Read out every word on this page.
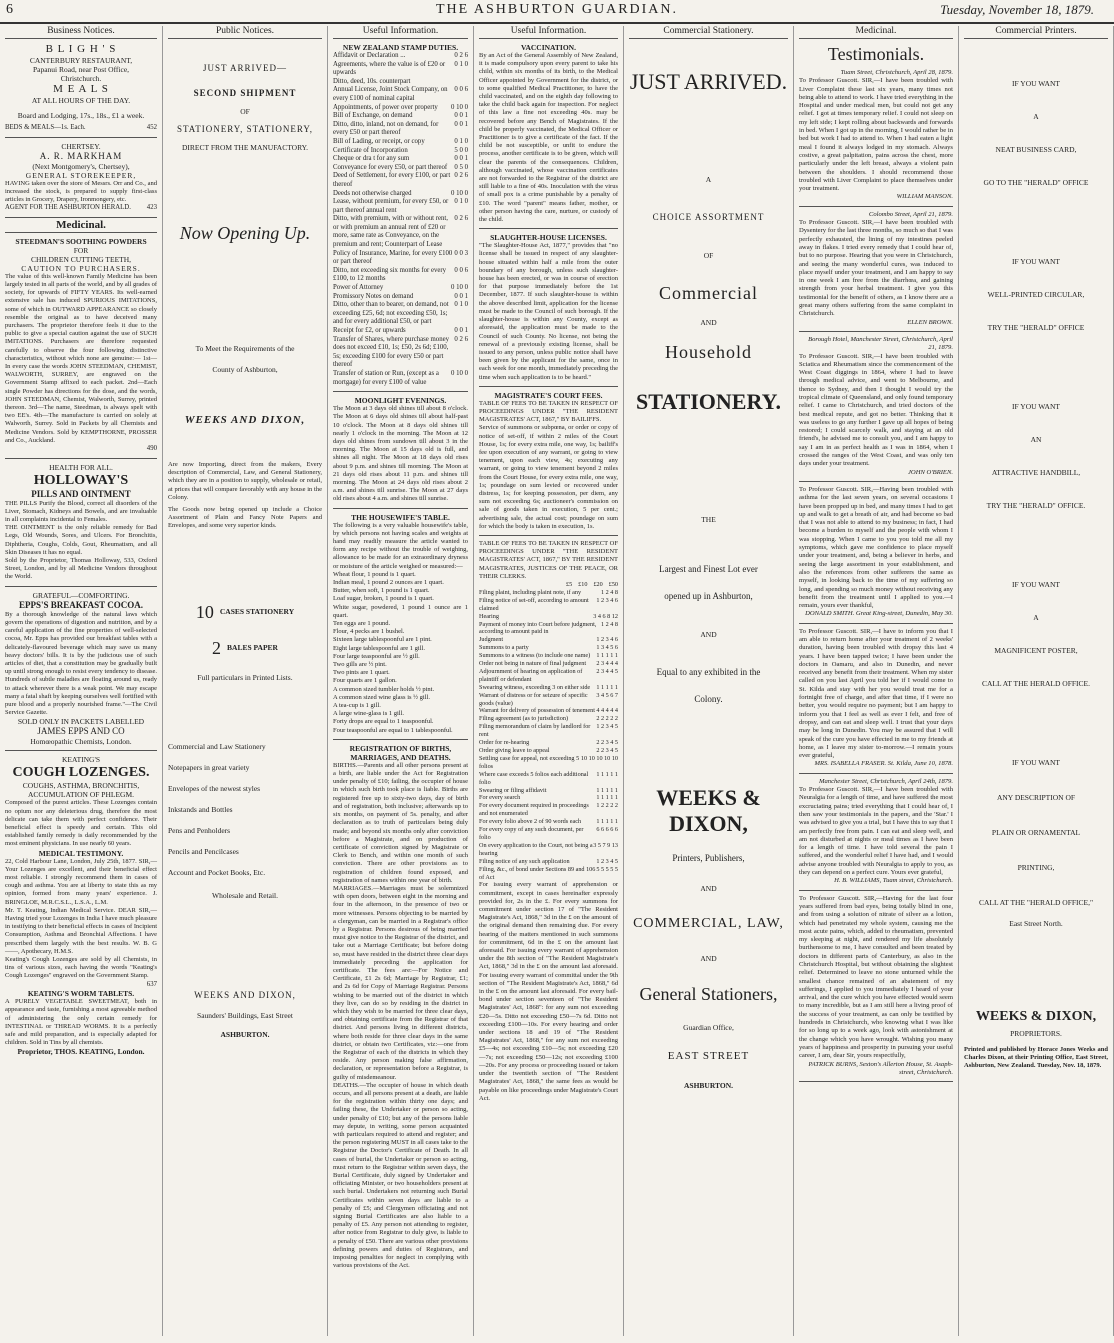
6	THE ASHBURTON GUARDIAN.	Tuesday, November 18, 1879.
Business Notices.
B L I G H ' S
CANTERBURY RESTAURANT,
Papanui Road, near Post Office,
Christchurch.
M E A L S
AT ALL HOURS OF THE DAY.
Board and Lodging, 17s., 18s., £1 a week.
BEDS & MEALS—1s. Each.	452
CHERTSEY.
A. R. MARKHAM
(Next Montgomery's, Chertsey),
GENERAL STOREKEEPER,
HAVING taken over the store of Messrs. Orr and Co., and increased the stock, is prepared to supply first-class articles in Grocery, Drapery, Ironmongery, etc.
AGENT FOR THE ASHBURTON HERALD. 423
Medicinal.
STEEDMAN'S SOOTHING POWDERS
FOR
CHILDREN CUTTING TEETH,
CAUTION TO PURCHASERS.
The value of this well-known Family Medicine has been largely tested in all parts of the world, and by all grades of society, for upwards of FIFTY YEARS. Its well-earned extensive sale has induced SPURIOUS IMITATIONS, some of which in OUTWARD APPEARANCE so closely resemble the original as to have deceived many purchasers. The proprietor therefore feels it due to the public to give a special caution against the use of SUCH IMITATIONS. Purchasers are therefore requested carefully to observe the four following distinctive characteristics, without which none are genuine:— 1st—In every case the words JOHN STEEDMAN, CHEMIST, WALWORTH, SURREY, are engraved on the Government Stamp affixed to each packet. 2nd—Each single Powder has directions for the dose, and the words, JOHN STEEDMAN, Chemist, Walworth, Surrey, printed thereon. 3rd—The name, Steedman, is always spelt with two EE's. 4th—The manufacture is carried on solely at Walworth, Surrey. Sold in Packets by all Chemists and Medicine Vendors. Sold by KEMPTHORNE, PROSSER and Co., Auckland.
490
HEALTH FOR ALL.
HOLLOWAY'S
PILLS AND OINTMENT
THE PILLS Purify the Blood, correct all disorders of the Liver, Stomach, Kidneys and Bowels, and are invaluable in all complaints incidental to Females.
THE OINTMENT is the only reliable remedy for Bad Legs, Old Wounds, Sores, and Ulcers. For Bronchitis, Diphtheria, Coughs, Colds, Gout, Rheumatism, and all Skin Diseases it has no equal.
Sold by the Proprietor, Thomas Holloway, 533, Oxford Street, London, and by all Medicine Vendors throughout the World.
GRATEFUL—COMFORTING.
EPPS'S BREAKFAST COCOA.
By a thorough knowledge of the natural laws which govern the operations of digestion and nutrition, and by a careful application of the fine properties of well-selected cocoa, Mr. Epps has provided our breakfast tables with a delicately-flavoured beverage which may save us many heavy doctors' bills. It is by the judicious use of such articles of diet, that a constitution may be gradually built up until strong enough to resist every tendency to disease. Hundreds of subtle maladies are floating around us, ready to attack wherever there is a weak point. We may escape many a fatal shaft by keeping ourselves well fortified with pure blood and a properly nourished frame."—The Civil Service Gazette.
SOLD ONLY IN PACKETS LABELLED
JAMES EPPS AND CO
Homœopathic Chemists, London.
KEATING'S
COUGH LOZENGES.
COUGHS, ASTHMA, BRONCHITIS,
ACCUMULATION OF PHLEGM.
Composed of the purest articles. These Lozenges contain no opium nor any deleterious drug, therefore the most delicate can take them with perfect confidence. Their beneficial effect is speedy and certain. This old established family remedy is daily recommended by the most eminent physicians. In use nearly 60 years.
MEDICAL TESTIMONY.
22, Cold Harbour Lane, London, July 25th, 1877. SIR,—Your Lozenges are excellent, and their beneficial effect most reliable. I strongly recommend them in cases of cough and asthma. You are at liberty to state this as my opinion, formed from many years' experience. J. BRINGLOE, M.R.C.S.L., L.S.A., L.M.
Mr. T. Keating, Indian Medical Service. DEAR SIR,—Having tried your Lozenges in India I have much pleasure in testifying to their beneficial effects in cases of Incipient Consumption, Asthma and Bronchial Affections. I have prescribed them largely with the best results. W. B. G——, Apothecary, H.M.S.
Keating's Cough Lozenges are sold by all Chemists, in tins of various sizes, each having the words "Keating's Cough Lozenges" engraved on the Government Stamp.
637
KEATING'S WORM TABLETS.
A PURELY VEGETABLE SWEETMEAT, both in appearance and taste, furnishing a most agreeable method of administering the only certain remedy for INTESTINAL or THREAD WORMS. It is a perfectly safe and mild preparation, and is especially adapted for children. Sold in Tins by all chemists.
Proprietor, THOS. KEATING, London.
Public Notices.
JUST ARRIVED—
SECOND SHIPMENT
OF
STATIONERY, STATIONERY,
DIRECT FROM THE MANUFACTORY.
Now Opening Up.
To Meet the Requirements of the
County of Ashburton,
WEEKS AND DIXON,
Are now Importing, direct from the makers, Every description of Commercial, Law, and General Stationery, which they are in a position to supply, wholesale or retail, at prices that will compare favorably with any house in the Colony.
The Goods now being opened up include a Choice Assortment of Plain and Fancy Note Papers and Envelopes, and some very superior kinds.
10 CASES STATIONERY
2 BALES PAPER
Full particulars in Printed Lists.
Commercial and Law Stationery
Notepapers in great variety
Envelopes of the newest styles
Inkstands and Bottles
Pens and Penholders
Pencils and Pencilcases
Account and Pocket Books, Etc.
Wholesale and Retail.
WEEKS AND DIXON,
Saunders' Buildings, East Street
ASHBURTON.
Useful Information.
NEW ZEALAND STAMP DUTIES.
Affidavit or Declaration ...	0 2 6
Agreements, where the value is of £20 or upwards
0 1 0
Ditto, deed, 10s. counterpart
Annual License, Joint Stock Company, on every £100 of nominal capital
0 0 6
Appointments, of power over property 0 10 0
Bill of Exchange, on demand	0 0 1
Ditto, ditto, inland, not on demand, for every £50 or part thereof
0 0 1
Bill of Lading, or receipt, or copy	0 1 0
Certificate of Incorporation	5 0 0
Cheque or dra t for any sum	0 0 1
Conveyance for every £50, or part thereof 0 5 0
Deed of Settlement, for every £100, or part thereof
0 2 6
Deeds not otherwise charged	0 10 0
Lease, without premium, for every £50, or part thereof annual rent
0 1 0
Ditto, with premium, with or without rent, or with premium an annual rent of £20 or more, same rate as Conveyance, on the premium and rent; Counterpart of Lease
0 2 6
Policy of Insurance, Marine, for every £100 or part thereof
0 0 3
Ditto, not exceeding six months for every £100, to 12 months
0 0 6
Power of Attorney	0 10 0
Promissory Notes on demand	0 0 1
Ditto, other than to bearer, on demand, not exceeding £25, 6d; not exceeding £50, 1s; and for every additional £50, or part
0 1 0
Receipt for £2, or upwards	0 0 1
Transfer of Shares, where purchase money does not exceed £10, 1s; £50, 2s 6d; £100, 5s; exceeding £100 for every £50 or part thereof
0 2 6
Transfer of station or Run, (except as a mortgage) for every £100 of value
0 10 0
MOONLIGHT EVENINGS.
The Moon at 3 days old shines till about 8 o'clock. The Moon at 6 days old shines till about half-past 10 o'clock. The Moon at 8 days old shines till nearly 1 o'clock in the morning. The Moon at 12 days old shines from sundown till about 3 in the morning. The Moon at 15 days old is full, and shines all night. The Moon at 18 days old rises about 9 p.m. and shines till morning. The Moon at 21 days old rises about 11 p.m. and shines till morning. The Moon at 24 days old rises about 2 a.m. and shines till sunrise. The Moon at 27 days old rises about 4 a.m. and shines till sunrise.
THE HOUSEWIFE'S TABLE.
The following is a very valuable housewife's table, by which persons not having scales and weights at hand may readily measure the article wanted to form any recipe without the trouble of weighing, allowance to be made for an extraordinary dryness or moisture of the article weighed or measured:—
Wheat flour, 1 pound is 1 quart.
Indian meal, 1 pound 2 ounces are 1 quart.
Butter, when soft, 1 pound is 1 quart.
Loaf sugar, broken, 1 pound is 1 quart.
White sugar, powdered, 1 pound 1 ounce are 1 quart.
Ten eggs are 1 pound.
Flour, 4 pecks are 1 bushel.
Sixteen large tablespoonful are 1 pint.
Eight large tablespoonful are 1 gill.
Four large teaspoonful are ½ gill.
Two gills are ½ pint.
Two pints are 1 quart.
Four quarts are 1 gallon.
A common sized tumbler holds ½ pint.
A common sized wine glass is ½ gill.
A tea-cup is 1 gill.
A large wine-glass is 1 gill.
Forty drops are equal to 1 teaspoonful.
Four teaspoonful are equal to 1 tablespoonful.
REGISTRATION OF BIRTHS, MARRIAGES, AND DEATHS.
BIRTHS.—Parents and all other persons present at a birth, are liable under the Act for Registration under penalty of £10; failing, the occupier of house in which such birth took place is liable. Births are registered free up to sixty-two days, day of birth and of registration, both inclusive; afterwards up to six months, on payment of 5s. penalty, and after declaration as to truth of particulars being duly made; and beyond six months only after conviction before a Magistrate, and on production of certificate of conviction signed by Magistrate or Clerk to Bench, and within one month of such conviction. There are other provisions as to registration of children found exposed, and registration of names within one year of birth.
MARRIAGES.—Marriages must be solemnized with open doors, between eight in the morning and four in the afternoon, in the presence of two or more witnesses. Persons objecting to be married by a clergyman, can be married in a Registrar's office by a Registrar. Persons desirous of being married must give notice to the Registrar of the district, and take out a Marriage Certificate; but before doing so, must have resided in the district three clear days immediately preceding the application for certificate. The fees are:—For Notice and Certificate, £1 2s 6d; Marriage by Registrar, £1; and 2s 6d for Copy of Marriage Registrar. Persons wishing to be married out of the district in which they live, can do so by residing in the district in which they wish to be married for three clear days, and obtaining certificate from the Registrar of that district. And persons living in different districts, where both reside for three clear days in the same district, or obtain two Certificates, viz:—one from the Registrar of each of the districts in which they reside. Any person making false affirmation, declaration, or representation before a Registrar, is guilty of misdemeanour.
DEATHS.—The occupier of house in which death occurs, and all persons present at a death, are liable for the registration within thirty one days; and failing these, the Undertaker or person so acting, under penalty of £10; but any of the persons liable may depute, in writing, some person acquainted with particulars required to attend and register; and the person registering MUST in all cases take to the Registrar the Doctor's Certificate of Death. In all cases of burial, the Undertaker or person so acting, must return to the Registrar within seven days, the Burial Certificate, duly signed by Undertaker and officiating Minister, or two householders present at such burial. Undertakers not returning such Burial Certificates within seven days are liable to a penalty of £5; and Clergymen officiating and not signing Burial Certificates are also liable to a penalty of £5. Any person not attending to register, after notice from Registrar to duly give, is liable to a penalty of £50. There are various other provisions defining powers and duties of Registrars, and imposing penalties for neglect in complying with various provisions of the Act.
Useful Information.
VACCINATION.
By an Act of the General Assembly of New Zealand, it is made compulsory upon every parent to take his child, within six months of its birth, to the Medical Officer appointed by Government for the district, or to some qualified Medical Practitioner, to have the child vaccinated, and on the eighth day following to take the child back again for inspection. For neglect of this law a fine not exceeding 40s. may be recovered before any Bench of Magistrates. If the child be properly vaccinated, the Medical Officer or Practitioner is to give a certificate of the fact. If the child be not susceptible, or unfit to endure the process, another certificate is to be given, which will clear the parents of the consequences. Children, although vaccinated, whose vaccination certificates are not forwarded to the Registrar of the district are still liable to a fine of 40s. Inoculation with the virus of small pox is a crime punishable by a penalty of £10. The word "parent" means father, mother, or other person having the care, nurture, or custody of the child.
SLAUGHTER-HOUSE LICENSES.
"The Slaughter-House Act, 1877," provides that "no license shall be issued in respect of any slaughter-house situated within half a mile from the outer boundary of any borough, unless such slaughter-house has been erected, or was in course of erection for that purpose immediately before the 1st December, 1877. If such slaughter-house is within the above described limit, application for the license must be made to the Council of such borough. If the slaughter-house is within any County, except as aforesaid, the application must be made to the Council of such County. No license, not being the renewal of a previously existing license, shall be issued to any person, unless public notice shall have been given by the applicant for the same, once in each week for one month, immediately preceding the time when such application is to be heard."
MAGISTRATE'S COURT FEES.
TABLE OF FEES TO BE TAKEN IN RESPECT OF PROCEEDINGS UNDER "THE RESIDENT MAGISTRATES' ACT, 1867," BY BAILIFFS.
Service of summons or subpœna, or order or copy of notice of set-off, if within 2 miles of the Court House, 1s; for every extra mile, one way, 1s; bailiff's fee upon execution of any warrant, or going to view tenement, upon each view, 4s; executing any warrant, or going to view tenement beyond 2 miles from the Court House, for every extra mile, one way, 1s; poundage on sum levied or recovered under distress, 1s; for keeping possession, per diem, any sum not exceeding 6s; auctioneer's commission on sale of goods taken in execution, 5 per cent.; advertising sale, the actual cost; poundage on sum for which the body is taken in execution, 1s.
TABLE OF FEES TO BE TAKEN IN RESPECT OF PROCEEDINGS UNDER "THE RESIDENT MAGISTRATES' ACT, 1867," BY THE RESIDENT MAGISTRATES, JUSTICES OF THE PEACE, OR THEIR CLERKS.
£5 £10 £20 £50
Filing plaint, including plaint note, if any	1 2 4 8
Filing notice of set-off, according to amount claimed
1 2 3 4 6
Hearing	3 4 6 8 12
Payment of money into Court before judgment, according to amount paid in
1 2 4 8
Judgment	1 2 3 4 6
Summons to a party	1 3 4 5 6
Summons to a witness (to include one name) 1 1 1 1 1
Order not being in nature of final judgment 2 3 4 4 4
Adjournment of hearing on application of plaintiff or defendant
2 3 4 4 5
Swearing witness, exceeding 3 on either side 1 1 1 1 1
Warrant of distress or for seizure of specific goods (value)
3 4 5 6 7
Warrant for delivery of possession of tenement 4 4 4 4 4
Filing agreement (as to jurisdiction)	2 2 2 2 2
Filing memorandum of claim by landlord for rent
1 2 3 4 5
Order for re-hearing	2 2 3 4 5
Order giving leave to appeal	2 2 3 4 5
Settling case for appeal, not exceeding 5 folios
10 10 10 10 10
Where case exceeds 5 folios each additional folio
1 1 1 1 1
Swearing or filing affidavit	1 1 1 1 1
For every search	1 1 1 1 1
For every document required in proceedings and not enumerated
1 2 2 2 2
For every folio above 2 of 90 words each 1 1 1 1 1
For every copy of any such document, per folio
6 6 6 6 6
On every application to the Court, not being a hearing
3 5 7 9 13
Filing notice of any such application	1 2 3 4 5
Filing, &c., of bond under Sections 89 and 106 of Act
5 5 5 5 5
For issuing every warrant of apprehension or commitment, except in cases hereinafter expressly provided for, 2s in the £. For every summons for commitment under section 17 of "The Resident Magistrate's Act, 1868," 3d in the £ on the amount of the original demand then remaining due. For every hearing of the matters mentioned in such summons for commitment, 6d in the £ on the amount last aforesaid. For issuing every warrant of apprehension under the 8th section of "The Resident Magistrate's Act, 1868," 3d in the £ on the amount last aforesaid. For issuing every warrant of committal under the 9th section of "The Resident Magistrate's Act, 1868," 6d in the £ on the amount last aforesaid. For every bail-bond under section seventeen of "The Resident Magistrates' Act, 1868": for any sum not exceeding £20—5s. Ditto not exceeding £50—7s 6d. Ditto not exceeding £100—10s. For every hearing and order under sections 18 and 19 of "The Resident Magistrates' Act, 1868," for any sum not exceeding £5—4s; not exceeding £10—5s; not exceeding £20—7s; not exceeding £50—12s; not exceeding £100—20s. For any process or proceeding issued or taken under the twentieth section of "The Resident Magistrates' Act, 1868," the same fees as would be payable on like proceedings under Magistrate's Court Act.
Commercial Stationery.
JUST ARRIVED.
A
CHOICE ASSORTMENT
OF
Commercial
AND
Household
STATIONERY.
THE
Largest and Finest Lot ever
opened up in Ashburton,
AND
Equal to any exhibited in the
Colony.
WEEKS & DIXON,
Printers, Publishers,
AND
COMMERCIAL, LAW,
AND
General Stationers,
Guardian Office,
EAST STREET
ASHBURTON.
Medicinal.
Testimonials.
Tuam Street, Christchurch, April 28, 1879.
To Professor Guscott. SIR,—I have been troubled with Liver Complaint these last six years, many times not being able to attend to work. I have tried everything in the Hospital and under medical men, but could not get any relief. I got at times temporary relief. I could not sleep on my left side; I kept rolling about backwards and forwards in bed. When I got up in the morning, I would rather be in bed but work I had to attend to. When I had eaten a light meal I found it always lodged in my stomach. Always costive, a great palpitation, pains across the chest, more particularly under the left breast, always a violent pain between the shoulders. I should recommend those troubled with Liver Complaint to place themselves under your treatment.
WILLIAM MANSON.
Colombo Street, April 21, 1879.
To Professor Guscott. SIR,—I have been troubled with Dysentery for the last three months, so much so that I was perfectly exhausted, the lining of my intestines peeled away in flakes. I tried every remedy that I could hear of, but to no purpose. Hearing that you were in Christchurch, and seeing the many wonderful cures, was induced to place myself under your treatment, and I am happy to say in one week I am free from the diarrhœa, and gaining strength from your herbal treatment. I give you this testimonial for the benefit of others, as I know there are a great many others suffering from the same complaint in Christchurch.
ELLEN BROWN.
Borough Hotel, Manchester Street, Christchurch, April 21, 1879.
To Professor Guscott. SIR,—I have been troubled with Sciatica and Rheumatism since the commencement of the West Coast diggings in 1864, where I had to leave through medical advice, and went to Melbourne, and thence to Sydney, and then I thought I would try the tropical climate of Queensland, and only found temporary relief. I came to Christchurch, and tried doctors of the best medical repute, and got no better. Thinking that it was useless to go any further I gave up all hopes of being restored; I could scarcely walk, and staying at an old friend's, he advised me to consult you, and I am happy to say I am in as perfect health as I was in 1864, when I crossed the ranges of the West Coast, and was only ten days under your treatment.
JOHN O'BRIEN.
To Professor Guscott. SIR,—Having been troubled with asthma for the last seven years, on several occasions I have been propped up in bed, and many times I had to get up and walk to get a breath of air, and had become so bad that I was not able to attend to my business; in fact, I had become a burden to myself and the people with whom I was stopping. When I came to you you told me all my symptoms, which gave me confidence to place myself under your treatment, and, being a believer in herbs, and seeing the large assortment in your establishment, and also the references from other sufferers the same as myself, in looking back to the time of my suffering so long, and spending so much money without receiving any benefit from the treatment until I applied to you.—I remain, yours ever thankful,
DONALD SMITH. Great King-street, Dunedin, May 30.
To Professor Guscott. SIR,—I have to inform you that I am able to return home after your treatment of 2 weeks' duration, having been troubled with dropsy this last 4 years. I have been tapped twice; I have been under the doctors in Oamaru, and also in Dunedin, and never received any benefit from their treatment. When my sister called on you last April you told her if I would come to St. Kilda and stay with her you would treat me for a fortnight free of charge, and after that time, if I were no better, you would require no payment; but I am happy to inform you that I feel as well as ever I felt, and free of dropsy, and can eat and sleep well. I trust that your days may be long in Dunedin. You may be assured that I will speak of the cure you have effected in me to my friends at home, as I leave my sister to-morrow.—I remain yours ever grateful,
MRS. ISABELLA FRASER. St. Kilda, June 10, 1878.
Manchester Street, Christchurch, April 24th, 1879.
To Professor Guscott. SIR,—I have been troubled with Neuralgia for a length of time, and have suffered the most excruciating pains; tried everything that I could hear of, I then saw your testimonials in the papers, and the 'Star.' I was advised to give you a trial, but I have this to say that I am perfectly free from pain. I can eat and sleep well, and am not disturbed at nights or meal times as I have been for a length of time. I have told several the pain I suffered, and the wonderful relief I have had, and I would advise anyone troubled with Neuralgia to apply to you, as they can depend on a perfect cure. Yours ever grateful,
H. B. WILLIAMS, Tuam street, Christchurch.
To Professor Guscott. SIR,—Having for the last four years suffered from bad eyes, being totally blind in one, and from using a solution of nitrate of silver as a lotion, which had penetrated my whole system, causing me the most acute pains, which, added to rheumatism, prevented my sleeping at night, and rendered my life absolutely burthensome to me, I have consulted and been treated by doctors in different parts of Canterbury, as also in the Christchurch Hospital, but without obtaining the slightest relief. Determined to leave no stone unturned while the smallest chance remained of an abatement of my sufferings, I applied to you immediately I heard of your arrival, and the cure which you have effected would seem to many incredible, but as I am still here a living proof of the success of your treatment, as can only be testified by hundreds in Christchurch, who knowing what I was like for so long up to a week ago, look with astonishment at the change which you have wrought. Wishing you many years of happiness and prosperity in pursuing your useful career, I am, dear Sir, yours respectfully,
PATRICK BURNS, Sexton's Allerton House, St. Asaph-street, Christchurch.
Commercial Printers.
IF YOU WANT
A
NEAT BUSINESS CARD,
GO TO THE "HERALD" OFFICE
IF YOU WANT
WELL-PRINTED CIRCULAR,
TRY THE "HERALD" OFFICE
IF YOU WANT
AN
ATTRACTIVE HANDBILL,
TRY THE "HERALD" OFFICE.
IF YOU WANT
A
MAGNIFICENT POSTER,
CALL AT THE HERALD OFFICE.
IF YOU WANT
ANY DESCRIPTION OF
PLAIN OR ORNAMENTAL
PRINTING,
CALL AT THE "HERALD OFFICE,"
East Street North.
WEEKS & DIXON,
PROPRIETORS.
Printed and published by Horace Jones Weeks and Charles Dixon, at their Printing Office, East Street, Ashburton, New Zealand. Tuesday, Nov. 18, 1879.
